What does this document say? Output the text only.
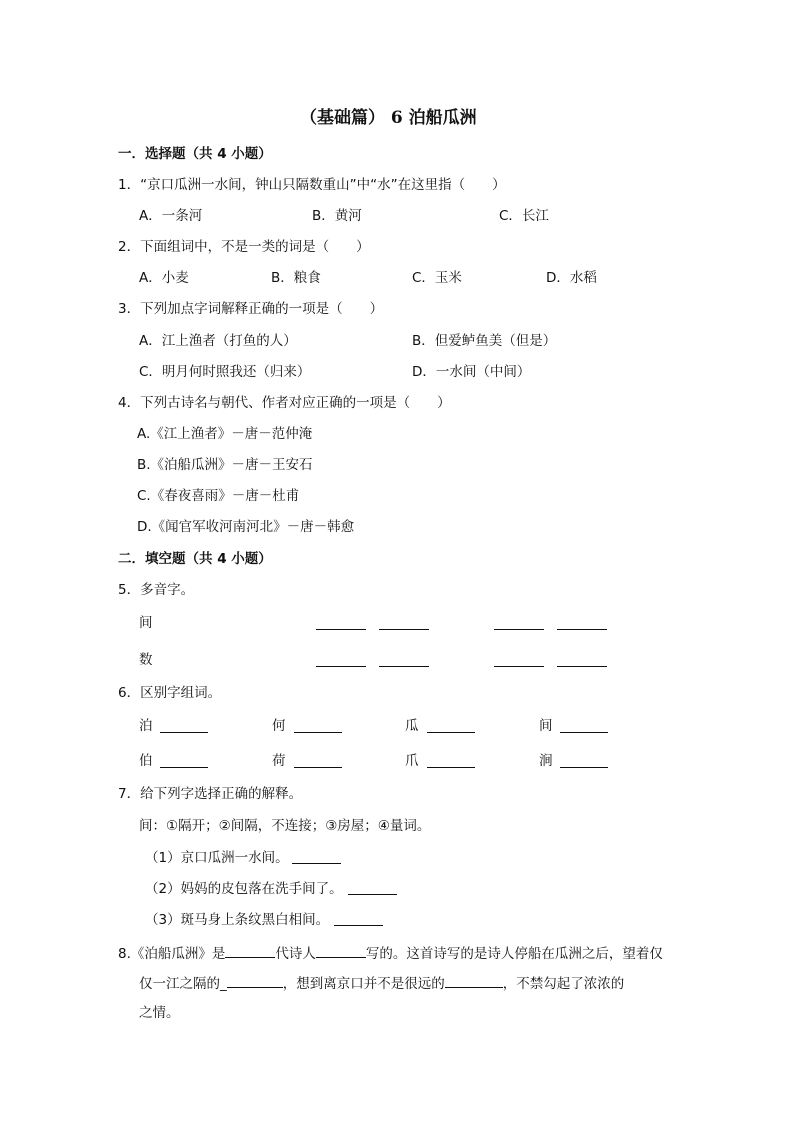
（基础篇） 6 泊船瓜洲
一．选择题（共 4 小题）
1．“京口瓜洲一水间，钟山只隔数重山”中“水”在这里指（　　）
A．一条河	B．黄河	C．长江
2．下面组词中，不是一类的词是（　　）
A．小麦	B．粮食	C．玉米	D．水稻
3．下列加点字词解释正确的一项是（　　）
A．江上渔者（打鱼的人）	B．但爱鲈鱼美（但是）
C．明月何时照我还（归来）	D．一水间（中间）
4．下列古诗名与朝代、作者对应正确的一项是（　　）
A.《江上渔者》－唐－范仲淹
B.《泊船瓜洲》－唐－王安石
C.《春夜喜雨》－唐－杜甫
D.《闻官军收河南河北》－唐－韩愈
二．填空题（共 4 小题）
5．多音字。
间
数
6．区别字组词。
泊	何	瓜	间
伯	荷	爪	涧
7．给下列字选择正确的解释。
间：①隔开；②间隔，不连接；③房屋；④量词。
（1）京口瓜洲一水间。
（2）妈妈的皮包落在洗手间了。
（3）斑马身上条纹黑白相间。
8.《泊船瓜洲》是	代诗人	写的。这首诗写的是诗人停船在瓜洲之后，望着仅
仅一江之隔的_	，想到离京口并不是很远的	，不禁勾起了浓浓的
之情。
